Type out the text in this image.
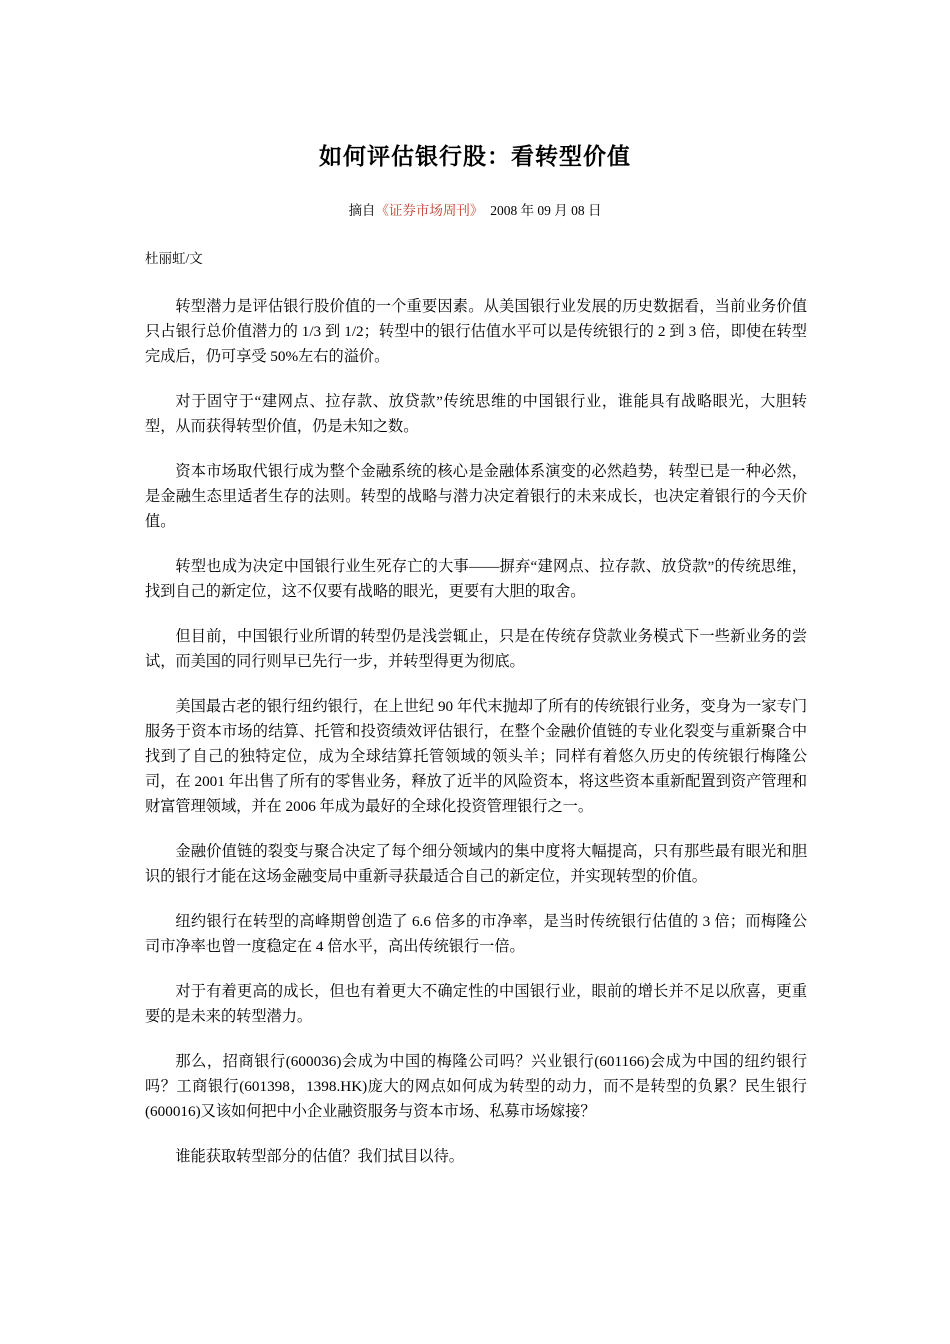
如何评估银行股：看转型价值
摘自《证券市场周刊》 2008 年 09 月 08 日
杜丽虹/文

转型潜力是评估银行股价值的一个重要因素。从美国银行业发展的历史数据看，当前业务价值只占银行总价值潜力的 1/3 到 1/2；转型中的银行估值水平可以是传统银行的 2 到 3 倍，即使在转型完成后，仍可享受 50%左右的溢价。

对于固守于“建网点、拉存款、放贷款”传统思维的中国银行业，谁能具有战略眼光，大胆转型，从而获得转型价值，仍是未知之数。

资本市场取代银行成为整个金融系统的核心是金融体系演变的必然趋势，转型已是一种必然，是金融生态里适者生存的法则。转型的战略与潜力决定着银行的未来成长，也决定着银行的今天价值。

转型也成为决定中国银行业生死存亡的大事——摒弃“建网点、拉存款、放贷款”的传统思维，找到自己的新定位，这不仅要有战略的眼光，更要有大胆的取舍。

但目前，中国银行业所谓的转型仍是浅尝辄止，只是在传统存贷款业务模式下一些新业务的尝试，而美国的同行则早已先行一步，并转型得更为彻底。

美国最古老的银行纽约银行，在上世纪 90 年代末抛却了所有的传统银行业务，变身为一家专门服务于资本市场的结算、托管和投资绩效评估银行，在整个金融价值链的专业化裂变与重新聚合中找到了自己的独特定位，成为全球结算托管领域的领头羊；同样有着悠久历史的传统银行梅隆公司，在 2001 年出售了所有的零售业务，释放了近半的风险资本，将这些资本重新配置到资产管理和财富管理领域，并在 2006 年成为最好的全球化投资管理银行之一。

金融价值链的裂变与聚合决定了每个细分领域内的集中度将大幅提高，只有那些最有眼光和胆识的银行才能在这场金融变局中重新寻获最适合自己的新定位，并实现转型的价值。

纽约银行在转型的高峰期曾创造了 6.6 倍多的市净率，是当时传统银行估值的 3 倍；而梅隆公司市净率也曾一度稳定在 4 倍水平，高出传统银行一倍。

对于有着更高的成长，但也有着更大不确定性的中国银行业，眼前的增长并不足以欣喜，更重要的是未来的转型潜力。

那么，招商银行(600036)会成为中国的梅隆公司吗？兴业银行(601166)会成为中国的纽约银行吗？工商银行(601398，1398.HK)庞大的网点如何成为转型的动力，而不是转型的负累？民生银行(600016)又该如何把中小企业融资服务与资本市场、私募市场嫁接？

谁能获取转型部分的估值？我们拭目以待。
